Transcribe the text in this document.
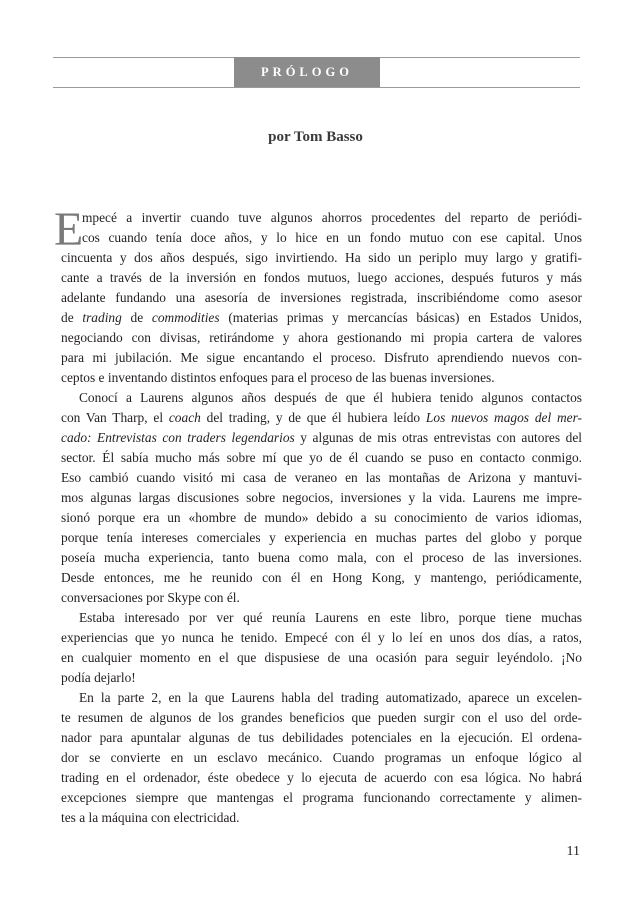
PRÓLOGO
por Tom Basso
E
mpecé a invertir cuando tuve algunos ahorros procedentes del reparto de periódi-
cos cuando tenía doce años, y lo hice en un fondo mutuo con ese capital. Unos
cincuenta y dos años después, sigo invirtiendo. Ha sido un periplo muy largo y gratifi-
cante a través de la inversión en fondos mutuos, luego acciones, después futuros y más
adelante fundando una asesoría de inversiones registrada, inscribiéndome como asesor
de trading de commodities (materias primas y mercancías básicas) en Estados Unidos,
negociando con divisas, retirándome y ahora gestionando mi propia cartera de valores
para mi jubilación. Me sigue encantando el proceso. Disfruto aprendiendo nuevos con-
ceptos e inventando distintos enfoques para el proceso de las buenas inversiones.
Conocí a Laurens algunos años después de que él hubiera tenido algunos contactos
con Van Tharp, el coach del trading, y de que él hubiera leído Los nuevos magos del mer-
cado: Entrevistas con traders legendarios y algunas de mis otras entrevistas con autores del
sector. Él sabía mucho más sobre mí que yo de él cuando se puso en contacto conmigo.
Eso cambió cuando visitó mi casa de veraneo en las montañas de Arizona y mantuvi-
mos algunas largas discusiones sobre negocios, inversiones y la vida. Laurens me impre-
sionó porque era un «hombre de mundo» debido a su conocimiento de varios idiomas,
porque tenía intereses comerciales y experiencia en muchas partes del globo y porque
poseía mucha experiencia, tanto buena como mala, con el proceso de las inversiones.
Desde entonces, me he reunido con él en Hong Kong, y mantengo, periódicamente,
conversaciones por Skype con él.
Estaba interesado por ver qué reunía Laurens en este libro, porque tiene muchas
experiencias que yo nunca he tenido. Empecé con él y lo leí en unos dos días, a ratos,
en cualquier momento en el que dispusiese de una ocasión para seguir leyéndolo. ¡No
podía dejarlo!
En la parte 2, en la que Laurens habla del trading automatizado, aparece un excelen-
te resumen de algunos de los grandes beneficios que pueden surgir con el uso del orde-
nador para apuntalar algunas de tus debilidades potenciales en la ejecución. El ordena-
dor se convierte en un esclavo mecánico. Cuando programas un enfoque lógico al
trading en el ordenador, éste obedece y lo ejecuta de acuerdo con esa lógica. No habrá
excepciones siempre que mantengas el programa funcionando correctamente y alimen-
tes a la máquina con electricidad.
11
